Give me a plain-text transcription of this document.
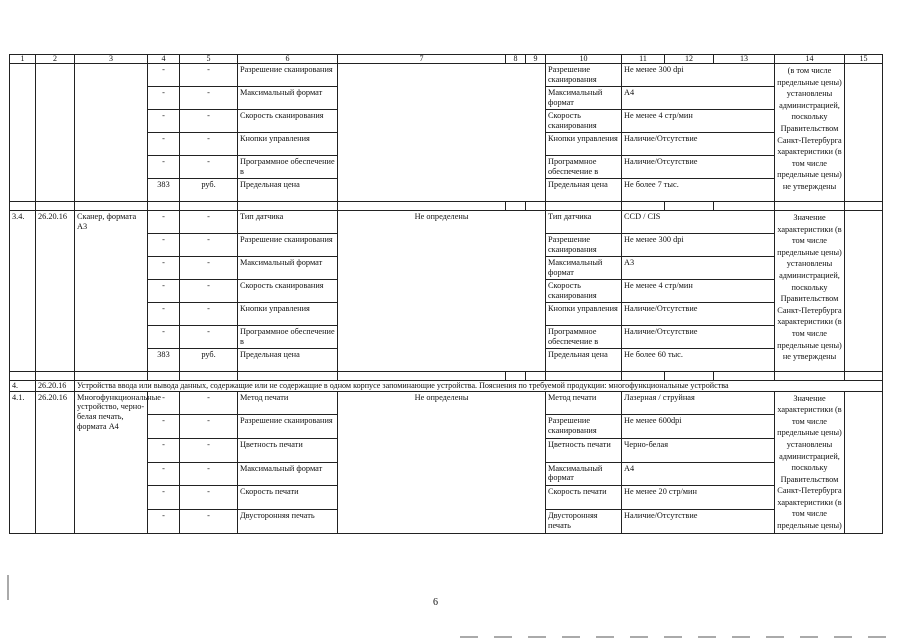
1	2	3	4	5	6	7	8	9	10	11	12	13	14	15
			-	-	Разрешение сканирования				Разрешение сканирования	Не менее 300 dpi			(в том числе предельные цены) установлены администрацией, поскольку Правительством Санкт-Петербурга характеристики (в том числе предельные цены) не утверждены	
			-	-	Максимальный формат				Максимальный формат	А4				
			-	-	Скорость сканирования				Скорость сканирования	Не менее 4 стр/мин				
			-	-	Кнопки управления				Кнопки управления	Наличие/Отсутствие				
			-	-	Программное обеспечение в				Программное обеспечение в	Наличие/Отсутствие				
			383	руб.	Предельная цена				Предельная цена	Не более 7 тыс.				

3.4.	26.20.16	Сканер, формата А3	-	-	Тип датчика	Не определены			Тип датчика	CCD / CIS			Значение характеристики (в том числе предельные цены) установлены администрацией, поскольку Правительством Санкт-Петербурга характеристики (в том числе предельные цены) не утверждены	
			-	-	Разрешение сканирования				Разрешение сканирования	Не менее 300 dpi				
			-	-	Максимальный формат				Максимальный формат	А3				
			-	-	Скорость сканирования				Скорость сканирования	Не менее 4 стр/мин				
			-	-	Кнопки управления				Кнопки управления	Наличие/Отсутствие				
			-	-	Программное обеспечение в				Программное обеспечение в	Наличие/Отсутствие				
			383	руб.	Предельная цена				Предельная цена	Не более 60 тыс.				

4.	26.20.16	Устройства ввода или вывода данных, содержащие или не содержащие в одном корпусе запоминающие устройства. Пояснения по требуемой продукции: многофункциональные устройства												
4.1.	26.20.16	Многофункциональные устройство, черно-белая печать, формата А4	-	-	Метод печати	Не определены			Метод печати	Лазерная / струйная			Значение характеристики (в том числе предельные цены) установлены администрацией, поскольку Правительством Санкт-Петербурга характеристики (в том числе предельные цены)	
			-	-	Разрешение сканирования				Разрешение сканирования	Не менее 600dpi				
			-	-	Цветность печати				Цветность печати	Черно-белая				
			-	-	Максимальный формат				Максимальный формат	А4				
			-	-	Скорость печати				Скорость печати	Не менее 20 стр/мин				
			-	-	Двусторонняя печать				Двусторонняя печать	Наличие/Отсутствие				
6
